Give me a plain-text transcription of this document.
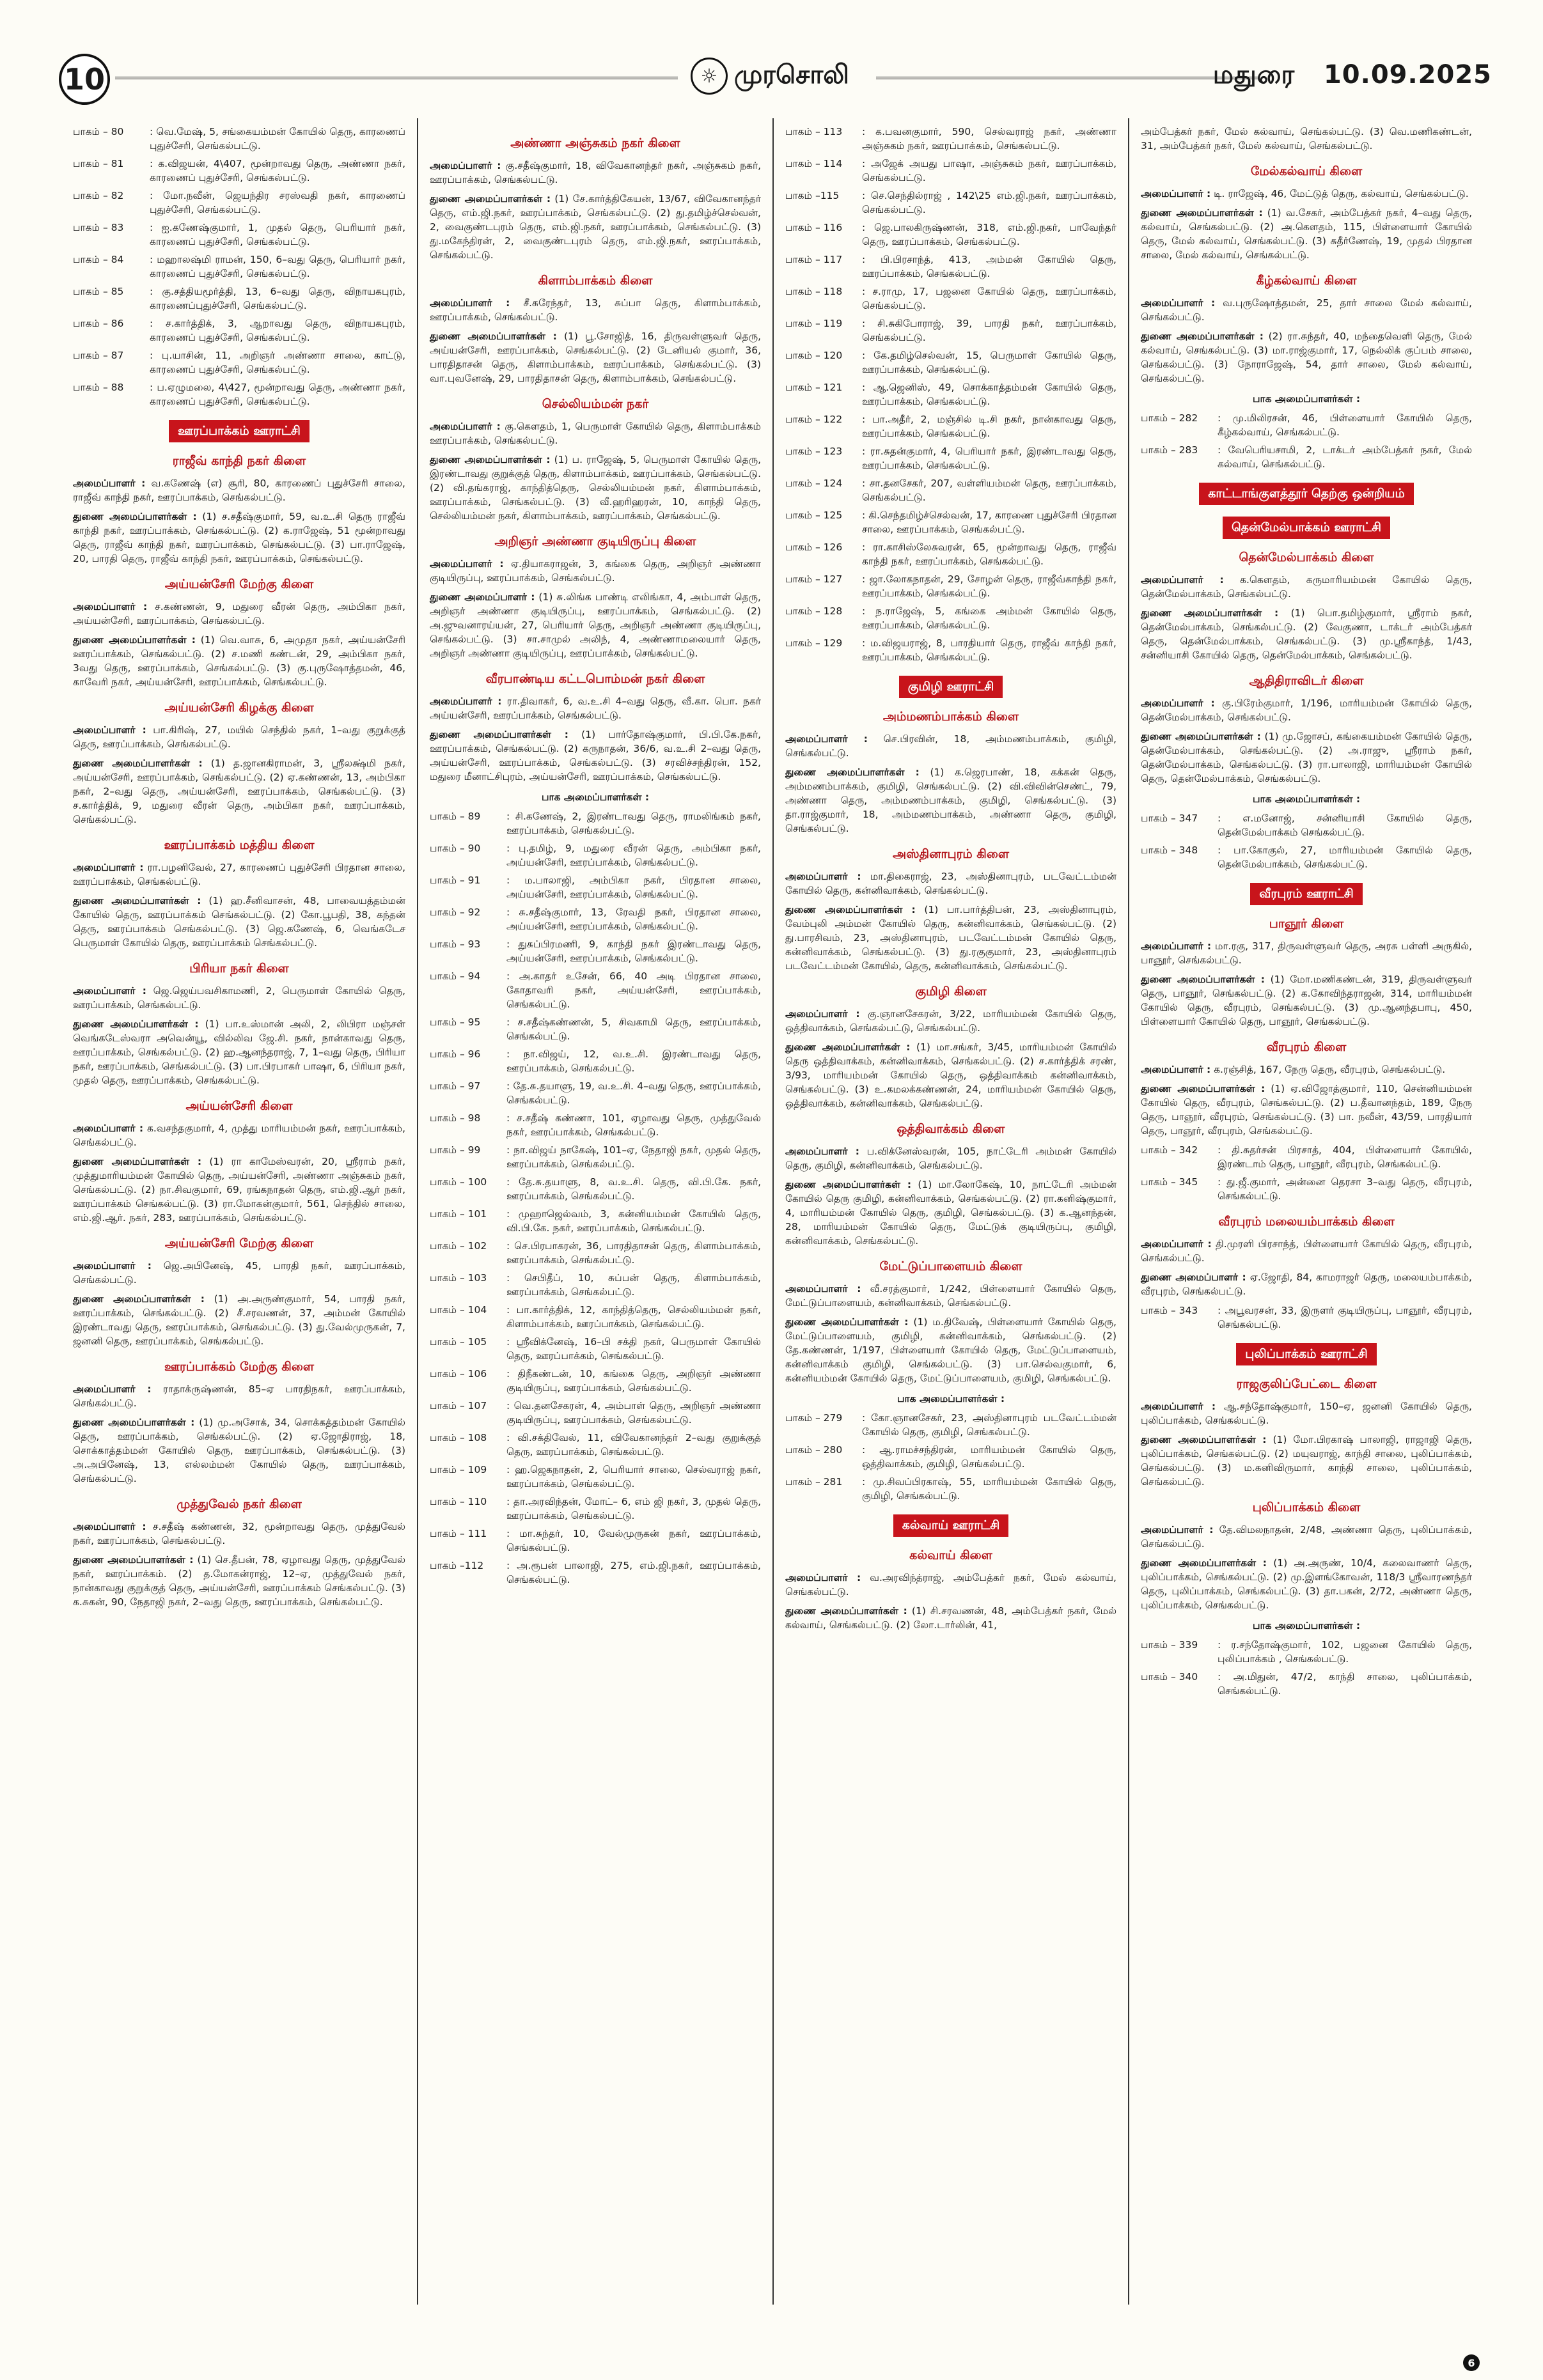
10	☼ முரசொலி	மதுரை 10.09.2025
பாகம் – 80	: வெ.மேஷ், 5, சங்கையம்மன் கோயில் தெரு, காரணைப் புதுச்சேரி, செங்கல்பட்டு.
பாகம் – 81	: க.விஜயன், 4\407, மூன்றாவது தெரு, அண்ணா நகர், காரணைப் புதுச்சேரி, செங்கல்பட்டு.
பாகம் – 82	: மோ.நவீன், ஜெயந்திர சரஸ்வதி நகர், காரணைப் புதுச்சேரி, செங்கல்பட்டு.
பாகம் – 83	: ஐ.கணேஷ்குமார், 1, முதல் தெரு, பெரியார் நகர், காரணைப் புதுச்சேரி, செங்கல்பட்டு.
பாகம் – 84	: மஹாலஷ்மி ராமன், 150, 6–வது தெரு, பெரியார் நகர், காரணைப் புதுச்சேரி, செங்கல்பட்டு.
பாகம் – 85	: கு.சத்தியமூர்த்தி, 13, 6–வது தெரு, விநாயகபுரம், காரணைப்புதுச்சேரி, செங்கல்பட்டு.
பாகம் – 86	: ச.கார்த்திக், 3, ஆறாவது தெரு, விநாயகபுரம், காரணைப் புதுச்சேரி, செங்கல்பட்டு.
பாகம் – 87	: பு.யாசின், 11, அறிஞர் அண்ணா சாலை, காட்டு, காரணைப் புதுச்சேரி, செங்கல்பட்டு.
பாகம் – 88	: ப.ஏழுமலை, 4\427, மூன்றாவது தெரு, அண்ணா நகர், காரணைப் புதுச்சேரி, செங்கல்பட்டு.
ஊரப்பாக்கம் ஊராட்சி
ராஜீவ் காந்தி நகர் கிளை
அமைப்பாளர் : வ.கணேஷ் (எ) சூரி, 80, காரணைப் புதுச்சேரி சாலை, ராஜீவ் காந்தி நகர், ஊரப்பாக்கம், செங்கல்பட்டு.
துணை அமைப்பாளர்கள் : (1) ச.சதீஷ்குமார், 59, வ.உ.சி தெரு ராஜீவ் காந்தி நகர், ஊரப்பாக்கம், செங்கல்பட்டு. (2) க.ராஜேஷ், 51 மூன்றாவது தெரு, ராஜீவ் காந்தி நகர், ஊரப்பாக்கம், செங்கல்பட்டு. (3) பா.ராஜேஷ், 20, பாரதி தெரு, ராஜீவ் காந்தி நகர், ஊரப்பாக்கம், செங்கல்பட்டு.
அய்யன்சேரி மேற்கு கிளை
அமைப்பாளர் : ச.கண்ணன், 9, மதுரை வீரன் தெரு, அம்பிகா நகர், அய்யன்சேரி, ஊரப்பாக்கம், செங்கல்பட்டு.
துணை அமைப்பாளர்கள் : (1) வெ.வாசு, 6, அமுதா நகர், அய்யன்சேரி ஊரப்பாக்கம், செங்கல்பட்டு. (2) ச.மணி கண்டன், 29, அம்பிகா நகர், 3வது தெரு, ஊரப்பாக்கம், செங்கல்பட்டு. (3) கு.புருஷோத்தமன், 46, காவேரி நகர், அய்யன்சேரி, ஊரப்பாக்கம், செங்கல்பட்டு.
அய்யன்சேரி கிழக்கு கிளை
அமைப்பாளர் : பா.கிரிஷ், 27, மயில் செந்தில் நகர், 1–வது குறுக்குத் தெரு, ஊரப்பாக்கம், செங்கல்பட்டு.
துணை அமைப்பாளர்கள் : (1) த.ஜானகிராமன், 3, ஸ்ரீலக்ஷ்மி நகர், அய்யன்சேரி, ஊரப்பாக்கம், செங்கல்பட்டு. (2) ஏ.கண்ணன், 13, அம்பிகா நகர், 2–வது தெரு, அய்யன்சேரி, ஊரப்பாக்கம், செங்கல்பட்டு. (3) ச.கார்த்திக், 9, மதுரை வீரன் தெரு, அம்பிகா நகர், ஊரப்பாக்கம், செங்கல்பட்டு.
ஊரப்பாக்கம் மத்திய கிளை
அமைப்பாளர் : ரா.பழனிவேல், 27, காரணைப் புதுச்சேரி பிரதான சாலை, ஊரப்பாக்கம், செங்கல்பட்டு.
துணை அமைப்பாளர்கள் : (1) ஹ.சீனிவாசன், 48, பாவையத்தம்மன் கோயில் தெரு, ஊரப்பாக்கம் செங்கல்பட்டு. (2) கோ.பூபதி, 38, கந்தன் தெரு, ஊரப்பாக்கம் செங்கல்பட்டு. (3) ஜெ.கணேஷ், 6, வெங்கடேச பெருமாள் கோயில் தெரு, ஊரப்பாக்கம் செங்கல்பட்டு.
பிரியா நகர் கிளை
அமைப்பாளர் : ஜெ.ஜெய்பவசிகாமணி, 2, பெருமாள் கோயில் தெரு, ஊரப்பாக்கம், செங்கல்பட்டு.
துணை அமைப்பாளர்கள் : (1) பா.உஸ்மான் அலி, 2, லிபிரா மஞ்சள் வெங்கடேஸ்வரா அவென்யூ, வில்லிவ ஜே.சி. நகர், நான்காவது தெரு, ஊரப்பாக்கம், செங்கல்பட்டு. (2) ஹ.ஆனந்தராஜ், 7, 1–வது தெரு, பிரியா நகர், ஊரப்பாக்கம், செங்கல்பட்டு. (3) பா.பிரபாகர் பாஷா, 6, பிரியா நகர், முதல் தெரு, ஊரப்பாக்கம், செங்கல்பட்டு.
அய்யன்சேரி கிளை
அமைப்பாளர் : க.வசந்தகுமார், 4, முத்து மாரியம்மன் நகர், ஊரப்பாக்கம், செங்கல்பட்டு.
துணை அமைப்பாளர்கள் : (1) ரா காமேஸ்வரன், 20, ஸ்ரீராம் நகர், முத்துமாரியம்மன் கோயில் தெரு, அய்யன்சேரி, அண்ணா அஞ்சுகம் நகர், செங்கல்பட்டு. (2) நா.சிவகுமார், 69, ரங்கநாதன் தெரு, எம்.ஜி.ஆர் நகர், ஊரப்பாக்கம் செங்கல்பட்டு. (3) ரா.மோகன்குமார், 561, செந்தில் சாலை, எம்.ஜி.ஆர். நகர், 283, ஊரப்பாக்கம், செங்கல்பட்டு.
அய்யன்சேரி மேற்கு கிளை
அமைப்பாளர் : ஜெ.அபினேஷ், 45, பாரதி நகர், ஊரப்பாக்கம், செங்கல்பட்டு.
துணை அமைப்பாளர்கள் : (1) அ.அருண்குமார், 54, பாரதி நகர், ஊரப்பாக்கம், செங்கல்பட்டு. (2) சீ.சரவணன், 37, அம்மன் கோயில் இரண்டாவது தெரு, ஊரப்பாக்கம், செங்கல்பட்டு. (3) து.வேல்முருகன், 7, ஜனனி தெரு, ஊரப்பாக்கம், செங்கல்பட்டு.
ஊரப்பாக்கம் மேற்கு கிளை
அமைப்பாளர் : ராதாக்ருஷ்ணன், 85–ஏ பாரதிநகர், ஊரப்பாக்கம், செங்கல்பட்டு.
துணை அமைப்பாளர்கள் : (1) மு.அசோக், 34, சொக்கத்தம்மன் கோயில் தெரு, ஊரப்பாக்கம், செங்கல்பட்டு. (2) ஏ.ஜோதிராஜ், 18, சொக்காத்தம்மன் கோயில் தெரு, ஊரப்பாக்கம், செங்கல்பட்டு. (3) அ.அபினேஷ், 13, எல்லம்மன் கோயில் தெரு, ஊரப்பாக்கம், செங்கல்பட்டு.
முத்துவேல் நகர் கிளை
அமைப்பாளர் : ச.சதீஷ் கண்ணன், 32, மூன்றாவது தெரு, முத்துவேல் நகர், ஊரப்பாக்கம், செங்கல்பட்டு.
துணை அமைப்பாளர்கள் : (1) செ.தீபன், 78, ஏழாவது தெரு, முத்துவேல் நகர், ஊரப்பாக்கம். (2) த.மோகன்ராஜ், 12–ஏ, முத்துவேல் நகர், நான்காவது குறுக்குத் தெரு, அய்யன்சேரி, ஊரப்பாக்கம் செங்கல்பட்டு. (3) க.சுகன், 90, நேதாஜி நகர், 2–வது தெரு, ஊரப்பாக்கம், செங்கல்பட்டு.
அண்ணா அஞ்சுகம் நகர் கிளை
அமைப்பாளர் : கு.சதீஷ்குமார், 18, விவேகானந்தர் நகர், அஞ்சுகம் நகர், ஊரப்பாக்கம், செங்கல்பட்டு.
துணை அமைப்பாளர்கள் : (1) சே.கார்த்திகேயன், 13/67, விவேகானந்தர் தெரு, எம்.ஜி.நகர், ஊரப்பாக்கம், செங்கல்பட்டு. (2) து.தமிழ்ச்செல்வன், 2, வைகுண்டபுரம் தெரு, எம்.ஜி.நகர், ஊரப்பாக்கம், செங்கல்பட்டு. (3) து.மகேந்திரன், 2, வைகுண்டபுரம் தெரு, எம்.ஜி.நகர், ஊரப்பாக்கம், செங்கல்பட்டு.
கிளாம்பாக்கம் கிளை
அமைப்பாளர் : சீ.சுரேந்தர், 13, சுப்பா தெரு, கிளாம்பாக்கம், ஊரப்பாக்கம், செங்கல்பட்டு.
துணை அமைப்பாளர்கள் : (1) பூ.சோஜித், 16, திருவள்ளுவர் தெரு, அய்யன்சேரி, ஊரப்பாக்கம், செங்கல்பட்டு. (2) டேனியல் குமார், 36, பாரதிதாசன் தெரு, கிளாம்பாக்கம், ஊரப்பாக்கம், செங்கல்பட்டு. (3) வா.புவனேஷ், 29, பாரதிதாசன் தெரு, கிளாம்பாக்கம், செங்கல்பட்டு.
செல்லியம்மன் நகர்
அமைப்பாளர் : கு.கௌதம், 1, பெருமாள் கோயில் தெரு, கிளாம்பாக்கம் ஊரப்பாக்கம், செங்கல்பட்டு.
துணை அமைப்பாளர்கள் : (1) ப. ராஜேஷ், 5, பெருமாள் கோயில் தெரு, இரண்டாவது குறுக்குத் தெரு, கிளாம்பாக்கம், ஊரப்பாக்கம், செங்கல்பட்டு. (2) வி.தங்கராஜ், காந்தித்தெரு, செல்லியம்மன் நகர், கிளாம்பாக்கம், ஊரப்பாக்கம், செங்கல்பட்டு. (3) வீ.ஹரிஹரன், 10, காந்தி தெரு, செல்லியம்மன் நகர், கிளாம்பாக்கம், ஊரப்பாக்கம், செங்கல்பட்டு.
அறிஞர் அண்ணா குடியிருப்பு கிளை
அமைப்பாளர் : ஏ.தியாகராஜன், 3, கங்கை தெரு, அறிஞர் அண்ணா குடியிருப்பு, ஊரப்பாக்கம், செங்கல்பட்டு.
துணை அமைப்பாளர் : (1) சு.லிங்க பாண்டி எலிங்கா, 4, அம்பாள் தெரு, அறிஞர் அண்ணா குடியிருப்பு, ஊரப்பாக்கம், செங்கல்பட்டு. (2) அ.ஜுவனாரய்யன், 27, பெரியார் தெரு, அறிஞர் அண்ணா குடியிருப்பு, செங்கல்பட்டு. (3) சா.சாமுல் அலிந், 4, அண்ணாமலையார் தெரு, அறிஞர் அண்ணா குடியிருப்பு, ஊரப்பாக்கம், செங்கல்பட்டு.
வீரபாண்டிய கட்டபொம்மன் நகர் கிளை
அமைப்பாளர் : ரா.திவாகர், 6, வ.உ.சி 4–வது தெரு, வீ.கா. பொ. நகர் அய்யன்சேரி, ஊரப்பாக்கம், செங்கல்பட்டு.
துணை அமைப்பாளர்கள் : (1) பார்தோஷ்குமார், பி.பி.கே.நகர், ஊரப்பாக்கம், செங்கல்பட்டு. (2) கருநாதன், 36/6, வ.உ.சி 2–வது தெரு, அய்யன்சேரி, ஊரப்பாக்கம், செங்கல்பட்டு. (3) சரவிச்சந்திரன், 152, மதுரை மீனாட்சிபுரம், அய்யன்சேரி, ஊரப்பாக்கம், செங்கல்பட்டு.
பாக அமைப்பாளர்கள் :
பாகம் – 89	: சி.கணேஷ், 2, இரண்டாவது தெரு, ராமலிங்கம் நகர், ஊரப்பாக்கம், செங்கல்பட்டு.
பாகம் – 90	: பு.தமிழ், 9, மதுரை வீரன் தெரு, அம்பிகா நகர், அய்யன்சேரி, ஊரப்பாக்கம், செங்கல்பட்டு.
பாகம் – 91	: ம.பாலாஜி, அம்பிகா நகர், பிரதான சாலை, அய்யன்சேரி, ஊரப்பாக்கம், செங்கல்பட்டு.
பாகம் – 92	: சு.சதீஷ்குமார், 13, ரேவதி நகர், பிரதான சாலை, அய்யன்சேரி, ஊரப்பாக்கம், செங்கல்பட்டு.
பாகம் – 93	: துசுப்பிரமணி, 9, காந்தி நகர் இரண்டாவது தெரு, அய்யன்சேரி, ஊரப்பாக்கம், செங்கல்பட்டு.
பாகம் – 94	: அ.காதர் உசேன், 66, 40 அடி பிரதான சாலை, கோதாவரி நகர், அய்யன்சேரி, ஊரப்பாக்கம், செங்கல்பட்டு.
பாகம் – 95	: ச.சதீஷ்கண்ணன், 5, சிவகாமி தெரு, ஊரப்பாக்கம், செங்கல்பட்டு.
பாகம் – 96	: நா.விஜய், 12, வ.உ.சி. இரண்டாவது தெரு, ஊரப்பாக்கம், செங்கல்பட்டு.
பாகம் – 97	: தே.சு.தயாளு, 19, வ.உ.சி. 4–வது தெரு, ஊரப்பாக்கம், செங்கல்பட்டு.
பாகம் – 98	: ச.சதீஷ் கண்ணா, 101, ஏழாவது தெரு, முத்துவேல் நகர், ஊரப்பாக்கம், செங்கல்பட்டு.
பாகம் – 99	: நா.விஜய் நாகேஷ், 101–ஏ, நேதாஜி நகர், முதல் தெரு, ஊரப்பாக்கம், செங்கல்பட்டு.
பாகம் – 100	: தே.சு.தயாளு, 8, வ.உ.சி. தெரு, வி.பி.கே. நகர், ஊரப்பாக்கம், செங்கல்பட்டு.
பாகம் – 101	: முஹாஜெல்வம், 3, கன்னியம்மன் கோயில் தெரு, வி.பி.கே. நகர், ஊரப்பாக்கம், செங்கல்பட்டு.
பாகம் – 102	: செ.பிரபாகரன், 36, பாரதிதாசன் தெரு, கிளாம்பாக்கம், ஊரப்பாக்கம், செங்கல்பட்டு.
பாகம் – 103	: செபிதீப், 10, சுப்பன் தெரு, கிளாம்பாக்கம், ஊரப்பாக்கம், செங்கல்பட்டு.
பாகம் – 104	: பா.கார்த்திக், 12, காந்தித்தெரு, செல்லியம்மன் நகர், கிளாம்பாக்கம், ஊரப்பாக்கம், செங்கல்பட்டு.
பாகம் – 105	: ஸ்ரீவிக்னேஷ், 16–பி சக்தி நகர், பெருமாள் கோயில் தெரு, ஊரப்பாக்கம், செங்கல்பட்டு.
பாகம் – 106	: திநீகண்டன், 10, கங்கை தெரு, அறிஞர் அண்ணா குடியிருப்பு, ஊரப்பாக்கம், செங்கல்பட்டு.
பாகம் – 107	: வெ.தனசேகரன், 4, அம்பாள் தெரு, அறிஞர் அண்ணா குடியிருப்பு, ஊரப்பாக்கம், செங்கல்பட்டு.
பாகம் – 108	: வி.சக்திவேல், 11, விவேகானந்தர் 2–வது குறுக்குத் தெரு, ஊரப்பாக்கம், செங்கல்பட்டு.
பாகம் – 109	: ஹ.ஜெகநாதன், 2, பெரியார் சாலை, செல்வராஜ் நகர், ஊரப்பாக்கம், செங்கல்பட்டு.
பாகம் – 110	: தா.அரவிந்தன், மோட்– 6, எம் ஜி நகர், 3, முதல் தெரு, ஊரப்பாக்கம், செங்கல்பட்டு.
பாகம் – 111	: மா.சுந்தர், 10, வேல்முருகன் நகர், ஊரப்பாக்கம், செங்கல்பட்டு.
பாகம் –112	: அ.ரூபன் பாலாஜி, 275, எம்.ஜி.நகர், ஊரப்பாக்கம், செங்கல்பட்டு.
பாகம் – 113	: க.பவனகுமார், 590, செல்வராஜ் நகர், அண்ணா அஞ்சுகம் நகர், ஊரப்பாக்கம், செங்கல்பட்டு.
பாகம் – 114	: அஜேக் அயது பாஷா, அஞ்சுகம் நகர், ஊரப்பாக்கம், செங்கல்பட்டு.
பாகம் –115	: செ.செந்தில்ராஜ் , 142\25 எம்.ஜி.நகர், ஊரப்பாக்கம், செங்கல்பட்டு.
பாகம் – 116	: ஜெ.பாலகிருஷ்ணன், 318, எம்.ஜி.நகர், பாவேந்தர் தெரு, ஊரப்பாக்கம், செங்கல்பட்டு.
பாகம் – 117	: பி.பிரசாந்த், 413, அம்மன் கோயில் தெரு, ஊரப்பாக்கம், செங்கல்பட்டு.
பாகம் – 118	: ச.ராமு, 17, பஜனை கோயில் தெரு, ஊரப்பாக்கம், செங்கல்பட்டு.
பாகம் – 119	: சி.சுகிபோராஜ், 39, பாரதி நகர், ஊரப்பாக்கம், செங்கல்பட்டு.
பாகம் – 120	: கே.தமிழ்செல்வன், 15, பெருமாள் கோயில் தெரு, ஊரப்பாக்கம், செங்கல்பட்டு.
பாகம் – 121	: ஆ.ஜெனிஸ், 49, சொக்காத்தம்மன் கோயில் தெரு, ஊரப்பாக்கம், செங்கல்பட்டு.
பாகம் – 122	: பா.அதீர், 2, மஞ்சில் டி.சி நகர், நான்காவது தெரு, ஊரப்பாக்கம், செங்கல்பட்டு.
பாகம் – 123	: ரா.சுதன்குமார், 4, பெரியார் நகர், இரண்டாவது தெரு, ஊரப்பாக்கம், செங்கல்பட்டு.
பாகம் – 124	: சா.தனசேகர், 207, வள்ளியம்மன் தெரு, ஊரப்பாக்கம், செங்கல்பட்டு.
பாகம் – 125	: கி.செந்தமிழ்ச்செல்வன், 17, காரணை புதுச்சேரி பிரதான சாலை, ஊரப்பாக்கம், செங்கல்பட்டு.
பாகம் – 126	: ரா.காசிஸ்லேசுவரன், 65, மூன்றாவது தெரு, ராஜீவ் காந்தி நகர், ஊரப்பாக்கம், செங்கல்பட்டு.
பாகம் – 127	: ஜா.லோகநாதன், 29, சோழன் தெரு, ராஜீவ்காந்தி நகர், ஊரப்பாக்கம், செங்கல்பட்டு.
பாகம் – 128	: ந.ராஜேஷ், 5, கங்கை அம்மன் கோயில் தெரு, ஊரப்பாக்கம், செங்கல்பட்டு.
பாகம் – 129	: ம.விஜயராஜ், 8, பாரதியார் தெரு, ராஜீவ் காந்தி நகர், ஊரப்பாக்கம், செங்கல்பட்டு.
குமிழி ஊராட்சி
அம்மணம்பாக்கம் கிளை
அமைப்பாளர் : செ.பிரவின், 18, அம்மணம்பாக்கம், குமிழி, செங்கல்பட்டு.
துணை அமைப்பாளர்கள் : (1) க.ஜெரபாண், 18, கக்கன் தெரு, அம்மணம்பாக்கம், குமிழி, செங்கல்பட்டு. (2) வி.விவின்செண்ட், 79, அண்ணா தெரு, அம்மணம்பாக்கம், குமிழி, செங்கல்பட்டு. (3) தா.ராஜ்குமார், 18, அம்மணம்பாக்கம், அண்ணா தெரு, குமிழி, செங்கல்பட்டு.
அஸ்தினாபுரம் கிளை
அமைப்பாளர் : மா.திகைராஜ், 23, அஸ்தினாபுரம், படவேட்டம்மன் கோயில் தெரு, கன்னிவாக்கம், செங்கல்பட்டு.
துணை அமைப்பாளர்கள் : (1) பா.பார்த்திபன், 23, அஸ்தினாபுரம், வேம்புலி அம்மன் கோயில் தெரு, கன்னிவாக்கம், செங்கல்பட்டு. (2) து.பாரசிவம், 23, அஸ்தினாபுரம், படவேட்டம்மன் கோயில் தெரு, கன்னிவாக்கம், செங்கல்பட்டு. (3) து.ரகுகுமார், 23, அஸ்தினாபுரம் படவேட்டம்மன் கோயில், தெரு, கன்னிவாக்கம், செங்கல்பட்டு.
குமிழி கிளை
அமைப்பாளர் : கு.ஞானசேகரன், 3/22, மாரியம்மன் கோயில் தெரு, ஒத்திவாக்கம், செங்கல்பட்டு, செங்கல்பட்டு.
துணை அமைப்பாளர்கள் : (1) மா.சங்கர், 3/45, மாரியம்மன் கோயில் தெரு ஒத்திவாக்கம், கன்னிவாக்கம், செங்கல்பட்டு. (2) ச.கார்த்திக் சரண், 3/93, மாரியம்மன் கோயில் தெரு, ஒத்திவாக்கம் கன்னிவாக்கம், செங்கல்பட்டு. (3) உ.கமலக்கண்ணன், 24, மாரியம்மன் கோயில் தெரு, ஒத்திவாக்கம், கன்னிவாக்கம், செங்கல்பட்டு.
ஒத்திவாக்கம் கிளை
அமைப்பாளர் : ப.விக்னேஸ்வரன், 105, நாட்டேரி அம்மன் கோயில் தெரு, குமிழி, கன்னிவாக்கம், செங்கல்பட்டு.
துணை அமைப்பாளர்கள் : (1) மா.லோகேஷ், 10, நாட்டேரி அம்மன் கோயில் தெரு குமிழி, கன்னிவாக்கம், செங்கல்பட்டு. (2) ரா.கனிஷ்குமார், 4, மாரியம்மன் கோயில் தெரு, குமிழி, செங்கல்பட்டு. (3) க.ஆனந்தன், 28, மாரியம்மன் கோயில் தெரு, மேட்டுக் குடியிருப்பு, குமிழி, கன்னிவாக்கம், செங்கல்பட்டு.
மேட்டுப்பாளையம் கிளை
அமைப்பாளர் : வீ.சரத்குமார், 1/242, பிள்ளையார் கோயில் தெரு, மேட்டுப்பாளையம், கன்னிவாக்கம், செங்கல்பட்டு.
துணை அமைப்பாளர்கள் : (1) ம.திவேஷ், பிள்ளையார் கோயில் தெரு, மேட்டுப்பாளையம், குமிழி, கன்னிவாக்கம், செங்கல்பட்டு. (2) தே.கண்ணன், 1/197, பிள்ளையார் கோயில் தெரு, மேட்டுப்பாளையம், கன்னிவாக்கம் குமிழி, செங்கல்பட்டு. (3) பா.செல்வகுமார், 6, கன்னியம்மன் கோயில் தெரு, மேட்டுப்பாளையம், குமிழி, செங்கல்பட்டு.
பாக அமைப்பாளர்கள் :
பாகம் – 279	: கோ.ஞானசேகர், 23, அஸ்தினாபுரம் படவேட்டம்மன் கோயில் தெரு, குமிழி, செங்கல்பட்டு.
பாகம் – 280	: ஆ.ராமச்சந்திரன், மாரியம்மன் கோயில் தெரு, ஒத்திவாக்கம், குமிழி, செங்கல்பட்டு.
பாகம் – 281	: மு.சிவப்பிரகாஷ், 55, மாரியம்மன் கோயில் தெரு, குமிழி, செங்கல்பட்டு.
கல்வாய் ஊராட்சி
கல்வாய் கிளை
அமைப்பாளர் : வ.அரவிந்த்ராஜ், அம்பேத்கர் நகர், மேல் கல்வாய், செங்கல்பட்டு.
துணை அமைப்பாளர்கள் : (1) சி.சரவணன், 48, அம்பேத்கர் நகர், மேல் கல்வாய், செங்கல்பட்டு. (2) லோ.டார்லின், 41,
அம்பேத்கர் நகர், மேல் கல்வாய், செங்கல்பட்டு. (3) வெ.மணிகண்டன், 31, அம்பேத்கர் நகர், மேல் கல்வாய், செங்கல்பட்டு.
மேல்கல்வாய் கிளை
அமைப்பாளர் : டி. ராஜேஷ், 46, மேட்டுத் தெரு, கல்வாய், செங்கல்பட்டு.
துணை அமைப்பாளர்கள் : (1) வ.சேகர், அம்பேத்கர் நகர், 4–வது தெரு, கல்வாய், செங்கல்பட்டு. (2) அ.கௌதம், 115, பிள்ளையார் கோயில் தெரு, மேல் கல்வாய், செங்கல்பட்டு. (3) சுதீர்ணேஷ், 19, முதல் பிரதான சாலை, மேல் கல்வாய், செங்கல்பட்டு.
கீழ்கல்வாய் கிளை
அமைப்பாளர் : வ.புருஷோத்தமன், 25, தார் சாலை மேல் கல்வாய், செங்கல்பட்டு.
துணை அமைப்பாளர்கள் : (2) ரா.சுந்தர், 40, மந்தைவெளி தெரு, மேல் கல்வாய், செங்கல்பட்டு. (3) மா.ராஜ்குமார், 17, நெல்லிக் குப்பம் சாலை, செங்கல்பட்டு. (3) நோராஜேஷ், 54, தார் சாலை, மேல் கல்வாய், செங்கல்பட்டு.
பாக அமைப்பாளர்கள் :
பாகம் – 282	: மு.மிலிரசன், 46, பிள்ளையார் கோயில் தெரு, கீழ்கல்வாய், செங்கல்பட்டு.
பாகம் – 283	: வேபெரியசாமி, 2, டாக்டர் அம்பேத்கர் நகர், மேல் கல்வாய், செங்கல்பட்டு.
காட்டாங்குளத்தூர் தெற்கு ஒன்றியம்
தென்மேல்பாக்கம் ஊராட்சி
தென்மேல்பாக்கம் கிளை
அமைப்பாளர் : க.கௌதம், கருமாரியம்மன் கோயில் தெரு, தென்மேல்பாக்கம், செங்கல்பட்டு.
துணை அமைப்பாளர்கள் : (1) பொ.தமிழ்குமார், ஸ்ரீராம் நகர், தென்மேல்பாக்கம், செங்கல்பட்டு. (2) வேகுணா, டாக்டர் அம்பேத்கர் தெரு, தென்மேல்பாக்கம், செங்கல்பட்டு. (3) மு.ஸ்ரீகாந்த், 1/43, சன்னியாசி கோயில் தெரு, தென்மேல்பாக்கம், செங்கல்பட்டு.
ஆதிதிராவிடர் கிளை
அமைப்பாளர் : கு.பிரேம்குமார், 1/196, மாரியம்மன் கோயில் தெரு, தென்மேல்பாக்கம், செங்கல்பட்டு.
துணை அமைப்பாளர்கள் : (1) மு.ஜோசப், கங்கையம்மன் கோயில் தெரு, தென்மேல்பாக்கம், செங்கல்பட்டு. (2) அ.ராஜு, ஸ்ரீராம் நகர், தென்மேல்பாக்கம், செங்கல்பட்டு. (3) ரா.பாலாஜி, மாரியம்மன் கோயில் தெரு, தென்மேல்பாக்கம், செங்கல்பட்டு.
பாக அமைப்பாளர்கள் :
பாகம் – 347	: எ.மனோஜ், சன்னியாசி கோயில் தெரு, தென்மேல்பாக்கம் செங்கல்பட்டு.
பாகம் – 348	: பா.கோகுல், 27, மாரியம்மன் கோயில் தெரு, தென்மேல்பாக்கம், செங்கல்பட்டு.
வீரபுரம் ஊராட்சி
பாஞூர் கிளை
அமைப்பாளர் : மா.ரகு, 317, திருவள்ளுவர் தெரு, அரசு பள்ளி அருகில், பாஞூர், செங்கல்பட்டு.
துணை அமைப்பாளர்கள் : (1) மோ.மணிகண்டன், 319, திருவள்ளுவர் தெரு, பாஞூர், செங்கல்பட்டு. (2) க.கோவிந்தராஜன், 314, மாரியம்மன் கோயில் தெரு, வீரபுரம், செங்கல்பட்டு. (3) மு.ஆனந்தபாபு, 450, பிள்ளையார் கோயில் தெரு, பாஞூர், செங்கல்பட்டு.
வீரபுரம் கிளை
அமைப்பாளர் : க.ரஞ்சித், 167, நேரு தெரு, வீரபுரம், செங்கல்பட்டு.
துணை அமைப்பாளர்கள் : (1) ஏ.விஜோத்குமார், 110, சென்னியம்மன் கோயில் தெரு, வீரபுரம், செங்கல்பட்டு. (2) ப.தீவானந்தம், 189, நேரு தெரு, பாஞூர், வீரபுரம், செங்கல்பட்டு. (3) பா. நவீன், 43/59, பாரதியார் தெரு, பாஞூர், வீரபுரம், செங்கல்பட்டு.
பாகம் – 342	: தி.சுதர்சன் பிரசாத், 404, பிள்ளையார் கோயில், இரண்டாம் தெரு, பாஞூர், வீரபுரம், செங்கல்பட்டு.
பாகம் – 345	: து.ஜீ.குமார், அன்னை தெரசா 3–வது தெரு, வீரபுரம், செங்கல்பட்டு.
வீரபுரம் மலையம்பாக்கம் கிளை
அமைப்பாளர் : தி.முரளி பிரசாந்த், பிள்ளையார் கோயில் தெரு, வீரபுரம், செங்கல்பட்டு.
துணை அமைப்பாளர் : ஏ.ஜோதி, 84, காமராஜர் தெரு, மலையம்பாக்கம், வீரபுரம், செங்கல்பட்டு.
பாகம் – 343	: அபூவரசன், 33, இருளர் குடியிருப்பு, பாஞூர், வீரபுரம், செங்கல்பட்டு.
புலிப்பாக்கம் ஊராட்சி
ராஜகுலிப்பேட்டை கிளை
அமைப்பாளர் : ஆ.சந்தோஷ்குமார், 150–ஏ, ஜனனி கோயில் தெரு, புலிப்பாக்கம், செங்கல்பட்டு.
துணை அமைப்பாளர்கள் : (1) மோ.பிரகாஷ் பாலாஜி, ராஜாஜி தெரு, புலிப்பாக்கம், செங்கல்பட்டு. (2) மயுவராஜ், காந்தி சாலை, புலிப்பாக்கம், செங்கல்பட்டு. (3) ம.கனிவிருமார், காந்தி சாலை, புலிப்பாக்கம், செங்கல்பட்டு.
புலிப்பாக்கம் கிளை
அமைப்பாளர் : தே.விமலநாதன், 2/48, அண்ணா தெரு, புலிப்பாக்கம், செங்கல்பட்டு.
துணை அமைப்பாளர்கள் : (1) அ.அருண், 10/4, கலைவாணர் தெரு, புலிப்பாக்கம், செங்கல்பட்டு. (2) மு.இளங்கோவன், 118/3 ஸ்ரீவாரணந்தர் தெரு, புலிப்பாக்கம், செங்கல்பட்டு. (3) தா.பகன், 2/72, அண்ணா தெரு, புலிப்பாக்கம், செங்கல்பட்டு.
பாக அமைப்பாளர்கள் :
பாகம் – 339	: ர.சந்தோஷ்குமார், 102, பஜனை கோயில் தெரு, புலிப்பாக்கம் , செங்கல்பட்டு.
பாகம் – 340	: அ.மிதுன், 47/2, காந்தி சாலை, புலிப்பாக்கம், செங்கல்பட்டு.
6
